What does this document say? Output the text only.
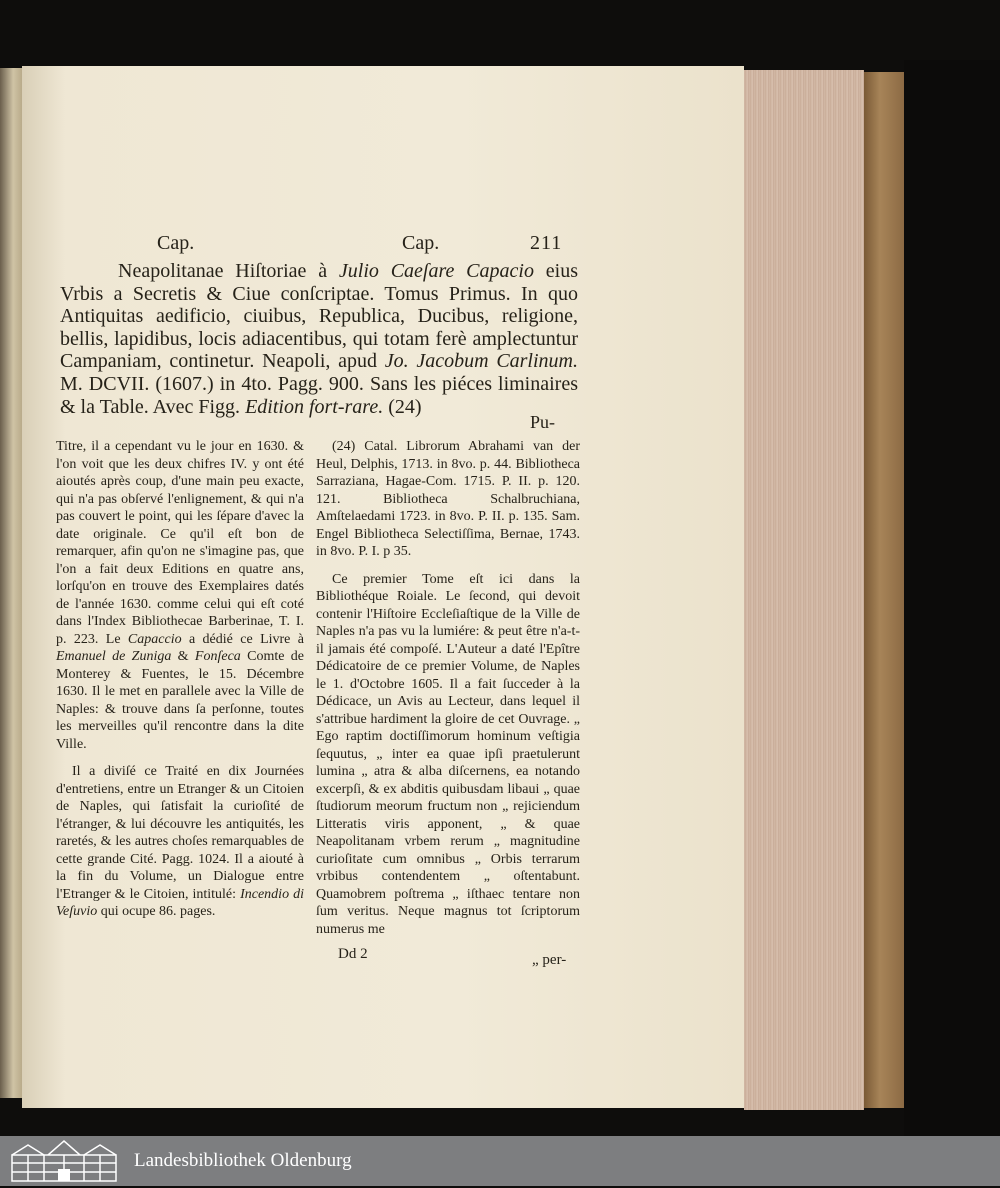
Cap.	Cap.	211
Neapolitanae Hiſtoriae à Julio Caeſare Capacio eius Vrbis a Secretis & Ciue conſcriptae. Tomus Primus. In quo Antiquitas aedificio, ciuibus, Republica, Ducibus, religione, bellis, lapidibus, locis adiacentibus, qui totam ferè amplectuntur Campaniam, continetur. Neapoli, apud Jo. Jacobum Carlinum. M. DCVII. (1607.) in 4to. Pagg. 900. Sans les piéces liminaires & la Table. Avec Figg. Edition fort-rare. (24)
Pu-

Titre, il a cependant vu le jour en 1630. & l'on voit que les deux chifres IV. y ont été aioutés après coup, d'une main peu exacte, qui n'a pas obſervé l'enlignement, & qui n'a pas couvert le point, qui les ſépare d'avec la date originale. Ce qu'il eſt bon de remarquer, afin qu'on ne s'imagine pas, que l'on a fait deux Editions en quatre ans, lorſqu'on en trouve des Exemplaires datés de l'année 1630. comme celui qui eſt coté dans l'Index Bibliothecae Barberinae, T. I. p. 223. Le Capaccio a dédié ce Livre à Emanuel de Zuniga & Fonſeca Comte de Monterey & Fuentes, le 15. Décembre 1630. Il le met en parallele avec la Ville de Naples: & trouve dans ſa perſonne, toutes les merveilles qu'il rencontre dans la dite Ville.

Il a diviſé ce Traité en dix Journées d'entretiens, entre un Etranger & un Citoien de Naples, qui ſatisfait la curioſité de l'étranger, & lui découvre les antiquités, les raretés, & les autres choſes remarquables de cette grande Cité. Pagg. 1024. Il a aiouté à la fin du Volume, un Dialogue entre l'Etranger & le Citoien, intitulé: Incendio di Veſuvio qui ocupe 86. pages.

(24) Catal. Librorum Abrahami van der Heul, Delphis, 1713. in 8vo. p. 44. Bibliotheca Sarraziana, Hagae-Com. 1715. P. II. p. 120. 121. Bibliotheca Schalbruchiana, Amſtelaedami 1723. in 8vo. P. II. p. 135. Sam. Engel Bibliotheca Selectiſſima, Bernae, 1743. in 8vo. P. I. p 35.

Ce premier Tome eſt ici dans la Bibliothéque Roiale. Le ſecond, qui devoit contenir l'Hiſtoire Eccleſiaſtique de la Ville de Naples n'a pas vu la lumiére: & peut être n'a-t-il jamais été compoſé. L'Auteur a daté l'Epître Dédicatoire de ce premier Volume, de Naples le 1. d'Octobre 1605. Il a fait ſucceder à la Dédicace, un Avis au Lecteur, dans lequel il s'attribue hardiment la gloire de cet Ouvrage. „ Ego raptim doctiſſimorum hominum veſtigia ſequutus, „ inter ea quae ipſi praetulerunt lumina „ atra & alba diſcernens, ea notando excerpſi, & ex abditis quibusdam libaui „ quae ſtudiorum meorum fructum non „ rejiciendum Litteratis viris apponent, „ & quae Neapolitanam vrbem rerum „ magnitudine curioſitate cum omnibus „ Orbis terrarum vrbibus contendentem „ oſtentabunt. Quamobrem poſtrema „ iſthaec tentare non ſum veritus. Neque magnus tot ſcriptorum numerus me

Dd 2	„ per-
Landesbibliothek Oldenburg
